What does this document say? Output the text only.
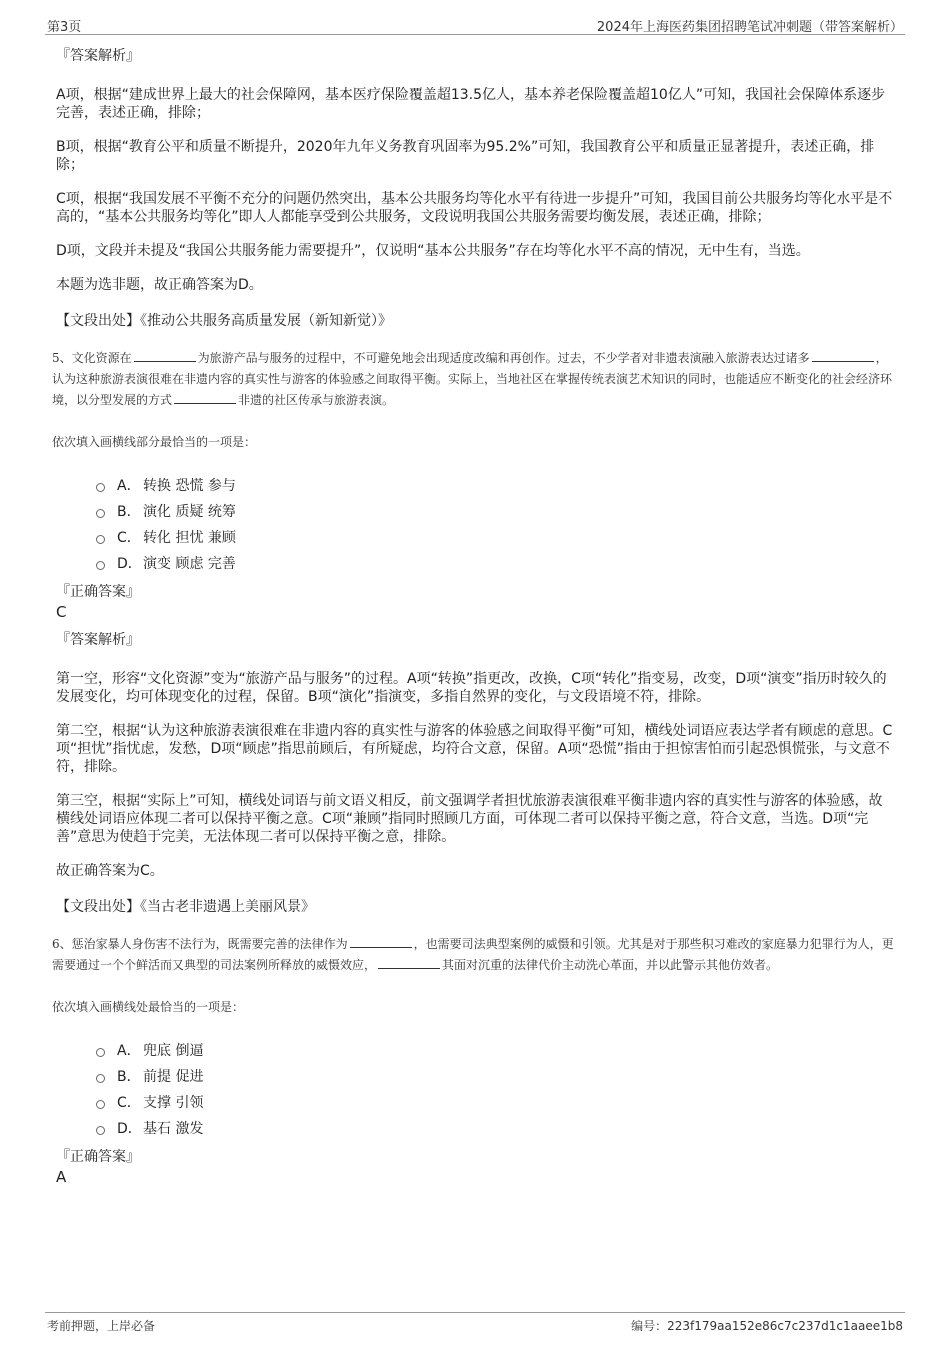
第3页	2024年上海医药集团招聘笔试冲刺题（带答案解析）
『答案解析』

A项，根据“建成世界上最大的社会保障网，基本医疗保险覆盖超13.5亿人，基本养老保险覆盖超10亿人”可知，我国社会保障体系逐步完善，表述正确，排除；

B项，根据“教育公平和质量不断提升，2020年九年义务教育巩固率为95.2%”可知，我国教育公平和质量正显著提升，表述正确，排除；

C项，根据“我国发展不平衡不充分的问题仍然突出，基本公共服务均等化水平有待进一步提升”可知，我国目前公共服务均等化水平是不高的，“基本公共服务均等化”即人人都能享受到公共服务，文段说明我国公共服务需要均衡发展，表述正确，排除；

D项，文段并未提及“我国公共服务能力需要提升”，仅说明“基本公共服务”存在均等化水平不高的情况，无中生有，当选。

本题为选非题，故正确答案为D。

【文段出处】《推动公共服务高质量发展（新知新觉）》
5、文化资源在	为旅游产品与服务的过程中，不可避免地会出现适度改编和再创作。过去，不少学者对非遗表演融入旅游表达过诸多	，认为这种旅游表演很难在非遗内容的真实性与游客的体验感之间取得平衡。实际上，当地社区在掌握传统表演艺术知识的同时，也能适应不断变化的社会经济环境，以分型发展的方式	非遗的社区传承与旅游表演。
依次填入画横线部分最恰当的一项是：
A． 转换 恐慌 参与
B． 演化 质疑 统筹
C． 转化 担忧 兼顾
D． 演变 顾虑 完善
『正确答案』
C
『答案解析』

第一空，形容“文化资源”变为“旅游产品与服务”的过程。A项“转换”指更改，改换，C项“转化”指变易，改变，D项“演变”指历时较久的发展变化，均可体现变化的过程，保留。B项“演化”指演变，多指自然界的变化，与文段语境不符，排除。

第二空，根据“认为这种旅游表演很难在非遗内容的真实性与游客的体验感之间取得平衡”可知，横线处词语应表达学者有顾虑的意思。C项“担忧”指忧虑，发愁，D项“顾虑”指思前顾后，有所疑虑，均符合文意，保留。A项“恐慌”指由于担惊害怕而引起恐惧慌张，与文意不符，排除。

第三空，根据“实际上”可知，横线处词语与前文语义相反，前文强调学者担忧旅游表演很难平衡非遗内容的真实性与游客的体验感，故横线处词语应体现二者可以保持平衡之意。C项“兼顾”指同时照顾几方面，可体现二者可以保持平衡之意，符合文意，当选。D项“完善”意思为使趋于完美，无法体现二者可以保持平衡之意，排除。

故正确答案为C。

【文段出处】《当古老非遗遇上美丽风景》
6、惩治家暴人身伤害不法行为，既需要完善的法律作为	，也需要司法典型案例的威慑和引领。尤其是对于那些积习难改的家庭暴力犯罪行为人，更需要通过一个个鲜活而又典型的司法案例所释放的威慑效应，	其面对沉重的法律代价主动洗心革面，并以此警示其他仿效者。
依次填入画横线处最恰当的一项是：
A． 兜底 倒逼
B． 前提 促进
C． 支撑 引领
D． 基石 激发
『正确答案』
A
考前押题，上岸必备	编号：223f179aa152e86c7c237d1c1aaee1b8
